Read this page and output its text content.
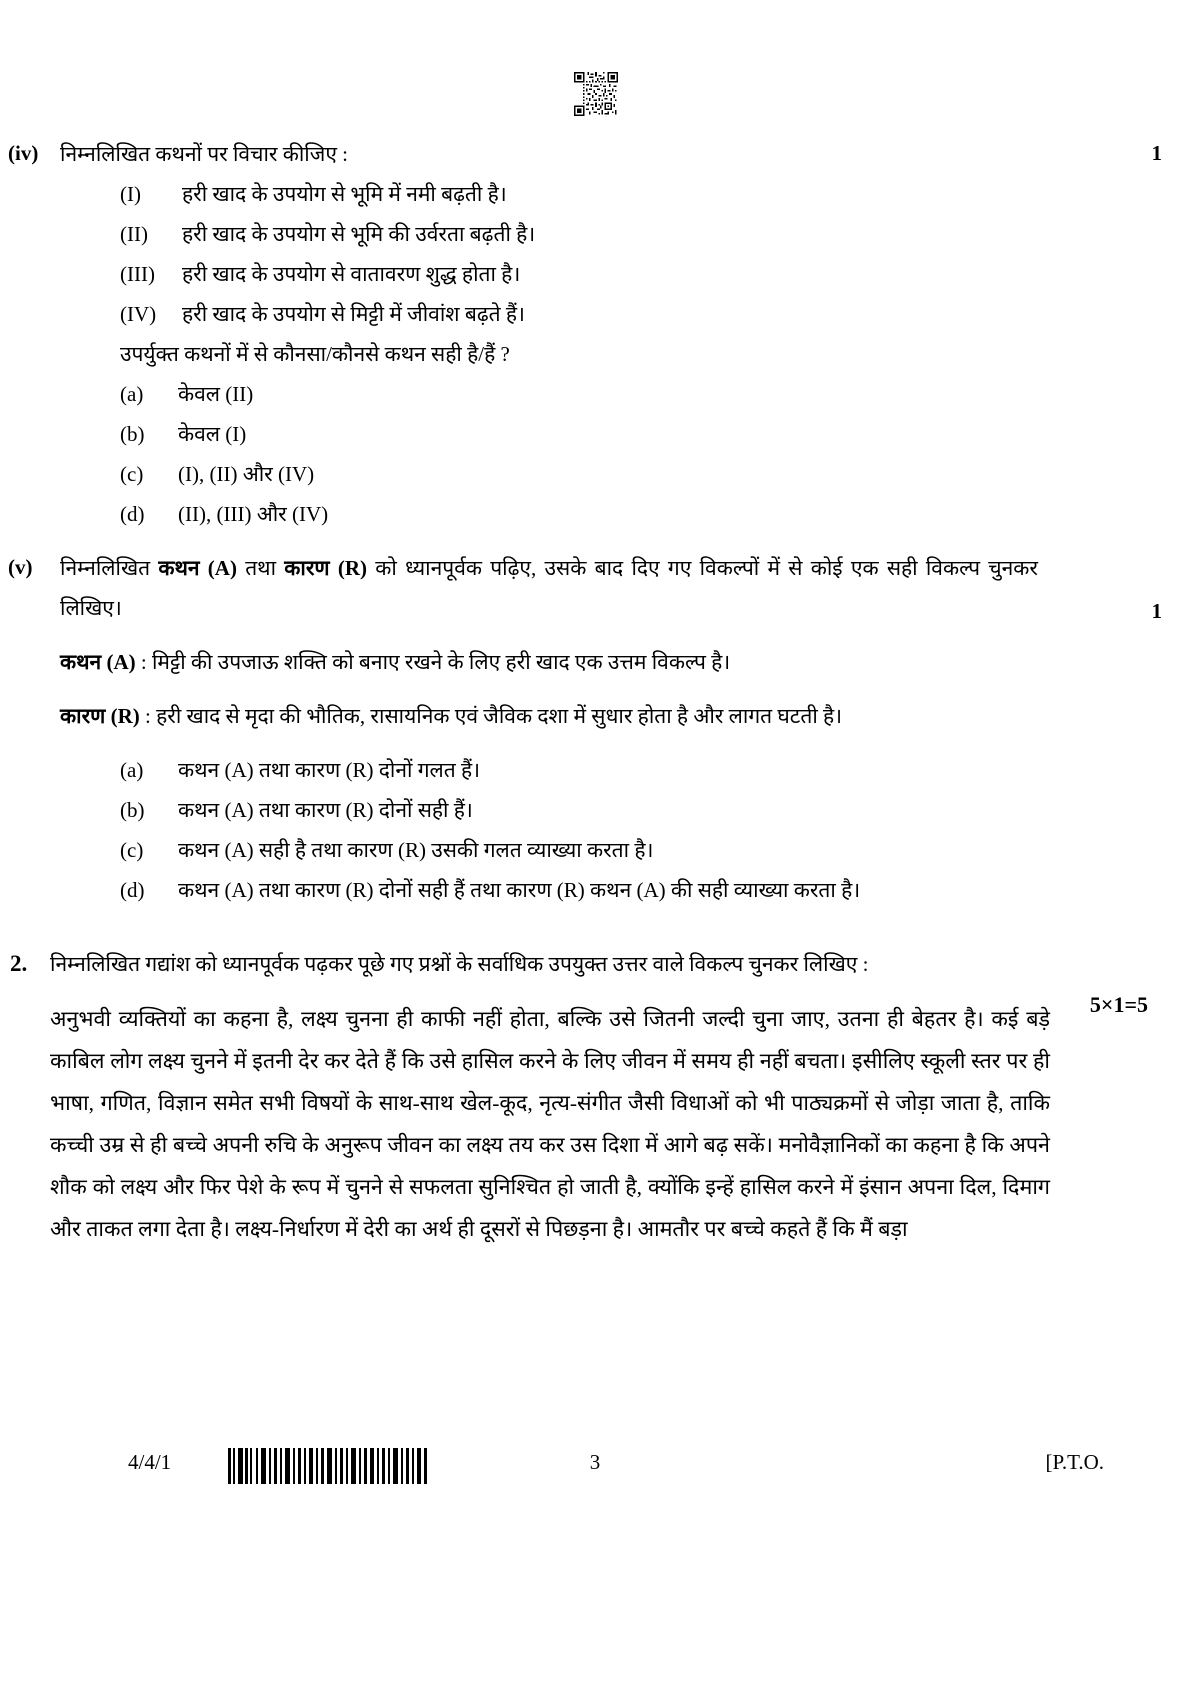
(iv)	निम्नलिखित कथनों पर विचार कीजिए :
(I)	हरी खाद के उपयोग से भूमि में नमी बढ़ती है।
(II)	हरी खाद के उपयोग से भूमि की उर्वरता बढ़ती है।
(III)	हरी खाद के उपयोग से वातावरण शुद्ध होता है।
(IV)	हरी खाद के उपयोग से मिट्टी में जीवांश बढ़ते हैं।
उपर्युक्त कथनों में से कौनसा/कौनसे कथन सही है/हैं ?
(a)	केवल (II)
(b)	केवल (I)
(c)	(I), (II) और (IV)
(d)	(II), (III) और (IV)
1
(v)	निम्नलिखित कथन (A) तथा कारण (R) को ध्यानपूर्वक पढ़िए, उसके बाद दिए गए विकल्पों में से कोई एक सही विकल्प चुनकर लिखिए।
कथन (A) : मिट्टी की उपजाऊ शक्ति को बनाए रखने के लिए हरी खाद एक उत्तम विकल्प है।
कारण (R) : हरी खाद से मृदा की भौतिक, रासायनिक एवं जैविक दशा में सुधार होता है और लागत घटती है।
(a)	कथन (A) तथा कारण (R) दोनों गलत हैं।
(b)	कथन (A) तथा कारण (R) दोनों सही हैं।
(c)	कथन (A) सही है तथा कारण (R) उसकी गलत व्याख्या करता है।
(d)	कथन (A) तथा कारण (R) दोनों सही हैं तथा कारण (R) कथन (A) की सही व्याख्या करता है।
1
2.	निम्नलिखित गद्यांश को ध्यानपूर्वक पढ़कर पूछे गए प्रश्नों के सर्वाधिक उपयुक्त उत्तर वाले विकल्प चुनकर लिखिए :
अनुभवी व्यक्तियों का कहना है, लक्ष्य चुनना ही काफी नहीं होता, बल्कि उसे जितनी जल्दी चुना जाए, उतना ही बेहतर है। कई बड़े काबिल लोग लक्ष्य चुनने में इतनी देर कर देते हैं कि उसे हासिल करने के लिए जीवन में समय ही नहीं बचता। इसीलिए स्कूली स्तर पर ही भाषा, गणित, विज्ञान समेत सभी विषयों के साथ-साथ खेल-कूद, नृत्य-संगीत जैसी विधाओं को भी पाठ्यक्रमों से जोड़ा जाता है, ताकि कच्ची उम्र से ही बच्चे अपनी रुचि के अनुरूप जीवन का लक्ष्य तय कर उस दिशा में आगे बढ़ सकें। मनोवैज्ञानिकों का कहना है कि अपने शौक को लक्ष्य और फिर पेशे के रूप में चुनने से सफलता सुनिश्चित हो जाती है, क्योंकि इन्हें हासिल करने में इंसान अपना दिल, दिमाग और ताकत लगा देता है। लक्ष्य-निर्धारण में देरी का अर्थ ही दूसरों से पिछड़ना है। आमतौर पर बच्चे कहते हैं कि मैं बड़ा
5×1=5
4/4/1	3	[P.T.O.
